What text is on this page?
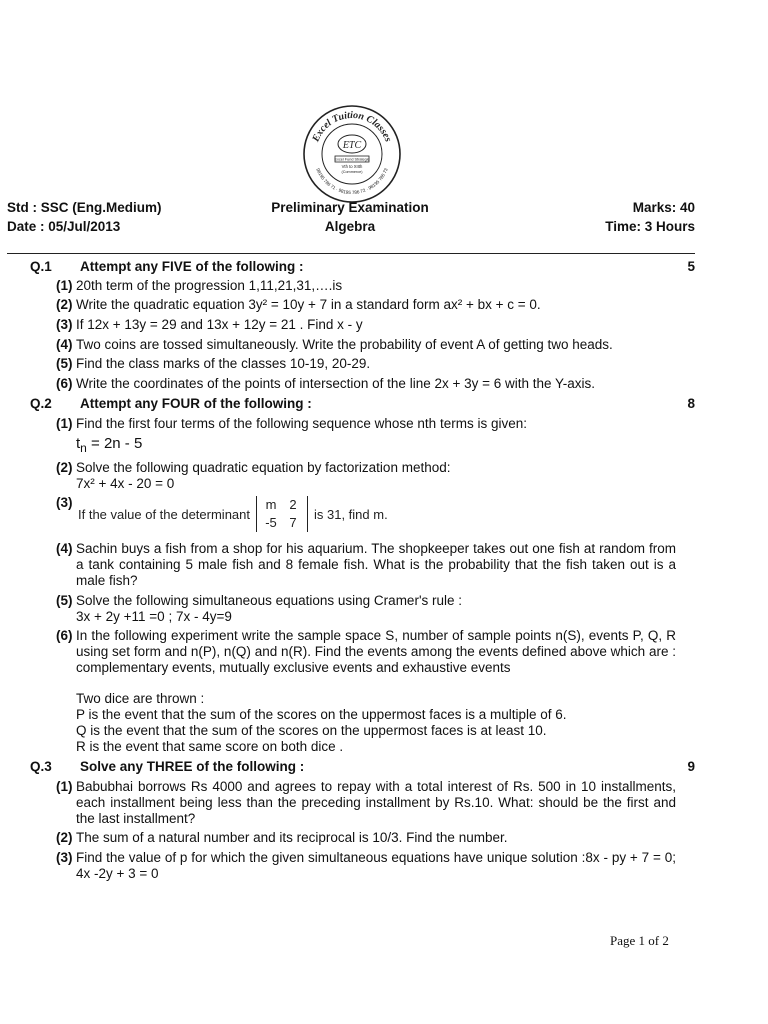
Excel Tuition Classes
98195 786 71 · 98195 786 72 · 98195 786 73
ETC
Excel Fund Strategic
Vth to XIIth
(Commerce)
Std : SSC (Eng.Medium)
Date : 05/Jul/2013
Preliminary Examination
Algebra
Marks: 40
Time: 3 Hours
Q.1 Attempt any FIVE of the following :	5
(1) 20th term of the progression 1,11,21,31,….is
(2) Write the quadratic equation 3y² = 10y + 7 in a standard form ax² + bx + c = 0.
(3) If 12x + 13y = 29 and 13x + 12y = 21 . Find x - y
(4) Two coins are tossed simultaneously. Write the probability of event A of getting two heads.
(5) Find the class marks of the classes 10-19, 20-29.
(6) Write the coordinates of the points of intersection of the line 2x + 3y = 6 with the Y-axis.
Q.2 Attempt any FOUR of the following :	8
(1) Find the first four terms of the following sequence whose nth terms is given:
$t_n = 2n - 5$
(2) Solve the following quadratic equation by factorization method:
7x² + 4x - 20 = 0
(3)
If the value of the determinant
m 2
-5 7
is 31, find m.
(4) Sachin buys a fish from a shop for his aquarium. The shopkeeper takes out one fish at random from a tank containing 5 male fish and 8 female fish. What is the probability that the fish taken out is a male fish?
(5) Solve the following simultaneous equations using Cramer's rule :
3x + 2y +11 =0 ; 7x - 4y=9
(6) In the following experiment write the sample space S, number of sample points n(S), events P, Q, R using set form and n(P), n(Q) and n(R). Find the events among the events defined above which are : complementary events, mutually exclusive events and exhaustive events
Two dice are thrown :
P is the event that the sum of the scores on the uppermost faces is a multiple of 6.
Q is the event that the sum of the scores on the uppermost faces is at least 10.
R is the event that same score on both dice .
Q.3 Solve any THREE of the following :	9
(1) Babubhai borrows Rs 4000 and agrees to repay with a total interest of Rs. 500 in 10 installments, each installment being less than the preceding installment by Rs.10. What: should be the first and the last installment?
(2) The sum of a natural number and its reciprocal is 10/3. Find the number.
(3) Find the value of p for which the given simultaneous equations have unique solution :8x - py + 7 = 0; 4x -2y + 3 = 0
Page 1 of 2
